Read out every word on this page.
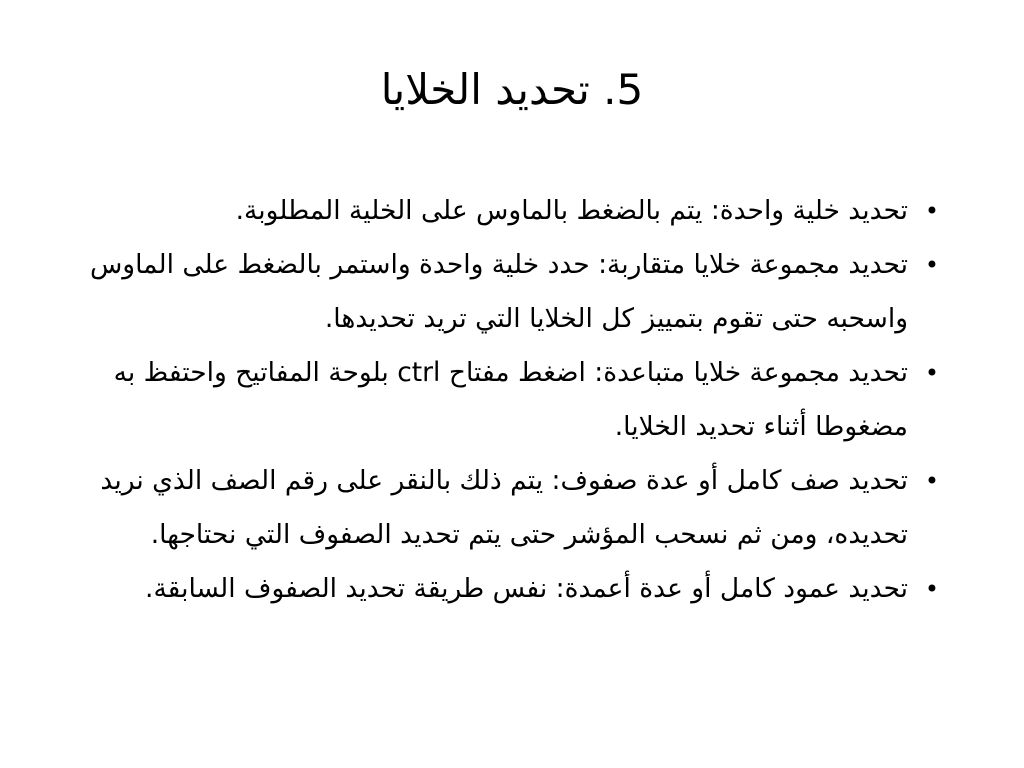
5. تحديد الخلايا
•
تحديد خلية واحدة: يتم بالضغط بالماوس على الخلية المطلوبة.
•
تحديد مجموعة خلايا متقاربة: حدد خلية واحدة واستمر بالضغط على الماوس واسحبه حتى تقوم بتمييز كل الخلايا التي تريد تحديدها.
•
تحديد مجموعة خلايا متباعدة: اضغط مفتاح ctrl بلوحة المفاتيح واحتفظ به مضغوطا أثناء تحديد الخلايا.
•
تحديد صف كامل أو عدة صفوف: يتم ذلك بالنقر على رقم الصف الذي نريد تحديده، ومن ثم نسحب المؤشر حتى يتم تحديد الصفوف التي نحتاجها.
•
تحديد عمود كامل أو عدة أعمدة: نفس طريقة تحديد الصفوف السابقة.
